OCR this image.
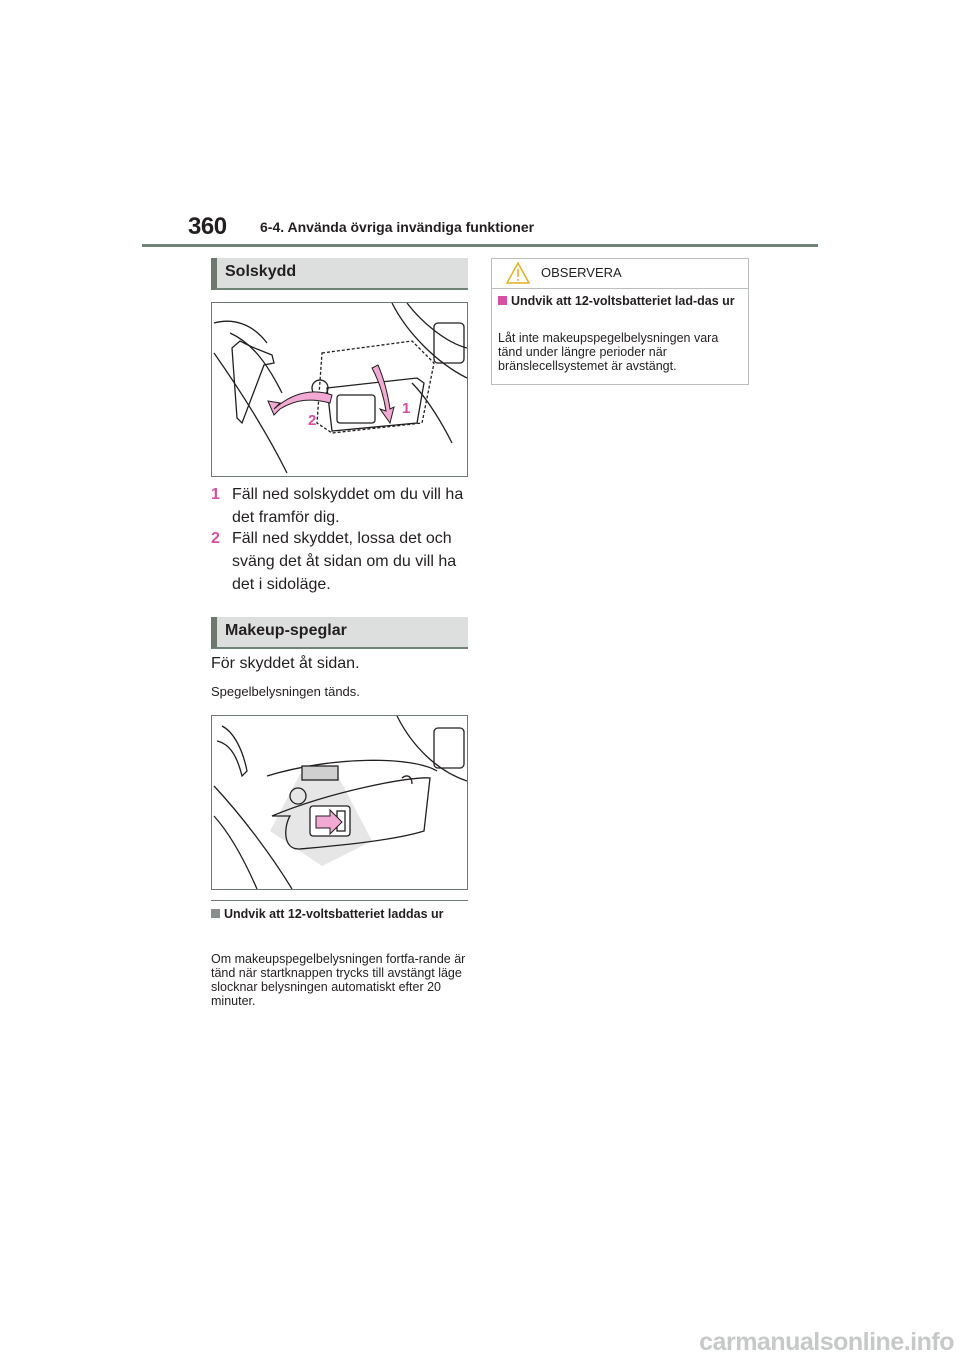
360 6-4. Använda övriga invändiga funktioner
Solskydd
2
1
1 Fäll ned solskyddet om du vill ha det framför dig.
2 Fäll ned skyddet, lossa det och sväng det åt sidan om du vill ha det i sidoläge.
Makeup-speglar
För skyddet åt sidan.
Spegelbelysningen tänds.
Undvik att 12-voltsbatteriet laddas ur
Om makeupspegelbelysningen fortfa-rande är tänd när startknappen trycks till avstängt läge slocknar belysningen automatiskt efter 20 minuter.
OBSERVERA
Undvik att 12-voltsbatteriet lad-das ur
Låt inte makeupspegelbelysningen vara tänd under längre perioder när bränslecellsystemet är avstängt.
carmanualsonline.info
